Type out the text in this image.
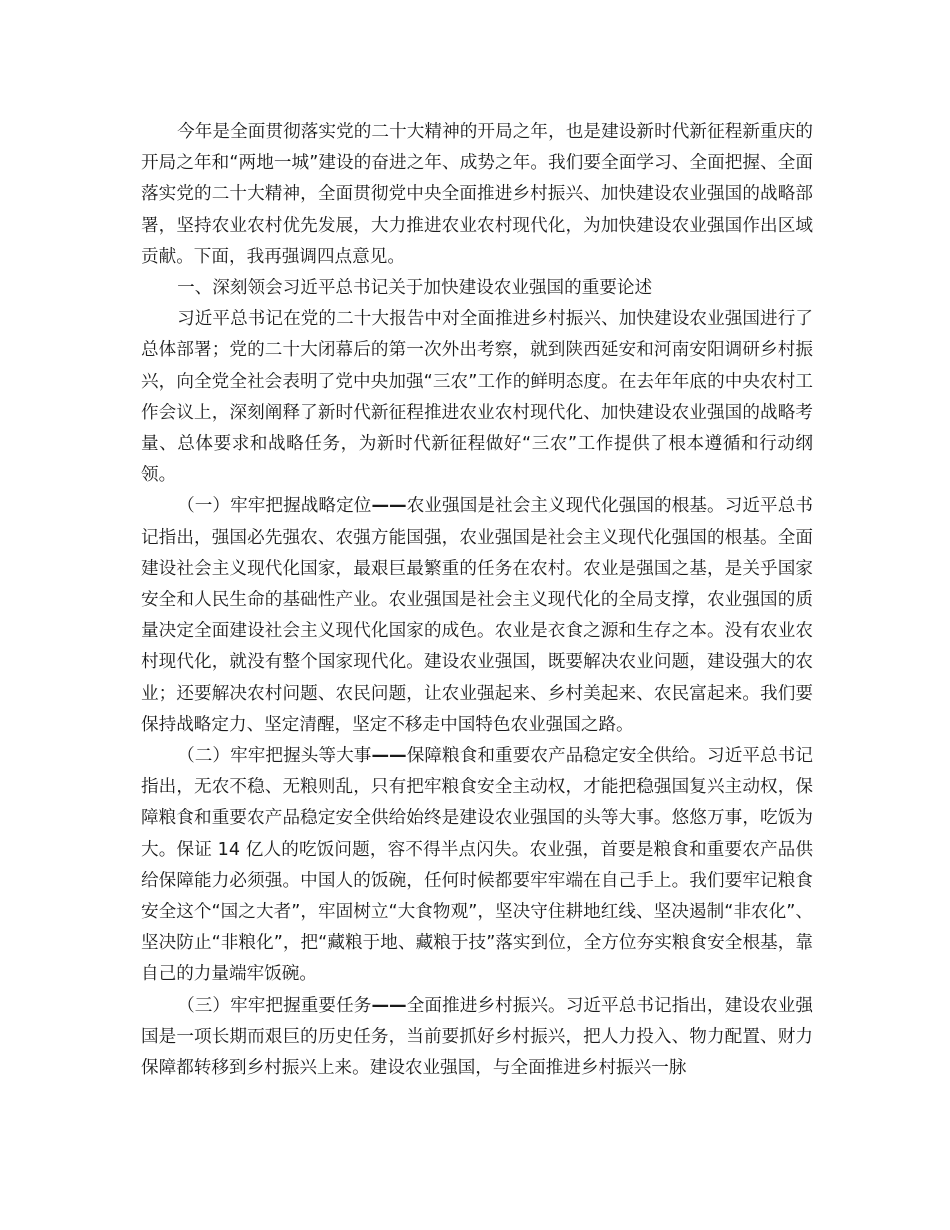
今年是全面贯彻落实党的二十大精神的开局之年，也是建设新时代新征程新重庆的开局之年和“两地一城”建设的奋进之年、成势之年。我们要全面学习、全面把握、全面落实党的二十大精神，全面贯彻党中央全面推进乡村振兴、加快建设农业强国的战略部署，坚持农业农村优先发展，大力推进农业农村现代化，为加快建设农业强国作出区域贡献。下面，我再强调四点意见。

一、深刻领会习近平总书记关于加快建设农业强国的重要论述

习近平总书记在党的二十大报告中对全面推进乡村振兴、加快建设农业强国进行了总体部署；党的二十大闭幕后的第一次外出考察，就到陕西延安和河南安阳调研乡村振兴，向全党全社会表明了党中央加强“三农”工作的鲜明态度。在去年年底的中央农村工作会议上，深刻阐释了新时代新征程推进农业农村现代化、加快建设农业强国的战略考量、总体要求和战略任务，为新时代新征程做好“三农”工作提供了根本遵循和行动纲领。

（一）牢牢把握战略定位——农业强国是社会主义现代化强国的根基。习近平总书记指出，强国必先强农、农强方能国强，农业强国是社会主义现代化强国的根基。全面建设社会主义现代化国家，最艰巨最繁重的任务在农村。农业是强国之基，是关乎国家安全和人民生命的基础性产业。农业强国是社会主义现代化的全局支撑，农业强国的质量决定全面建设社会主义现代化国家的成色。农业是衣食之源和生存之本。没有农业农村现代化，就没有整个国家现代化。建设农业强国，既要解决农业问题，建设强大的农业；还要解决农村问题、农民问题，让农业强起来、乡村美起来、农民富起来。我们要保持战略定力、坚定清醒，坚定不移走中国特色农业强国之路。

（二）牢牢把握头等大事——保障粮食和重要农产品稳定安全供给。习近平总书记指出，无农不稳、无粮则乱，只有把牢粮食安全主动权，才能把稳强国复兴主动权，保障粮食和重要农产品稳定安全供给始终是建设农业强国的头等大事。悠悠万事，吃饭为大。保证 14 亿人的吃饭问题，容不得半点闪失。农业强，首要是粮食和重要农产品供给保障能力必须强。中国人的饭碗，任何时候都要牢牢端在自己手上。我们要牢记粮食安全这个“国之大者”，牢固树立“大食物观”，坚决守住耕地红线、坚决遏制“非农化”、坚决防止“非粮化”，把“藏粮于地、藏粮于技”落实到位，全方位夯实粮食安全根基，靠自己的力量端牢饭碗。

（三）牢牢把握重要任务——全面推进乡村振兴。习近平总书记指出，建设农业强国是一项长期而艰巨的历史任务，当前要抓好乡村振兴，把人力投入、物力配置、财力保障都转移到乡村振兴上来。建设农业强国，与全面推进乡村振兴一脉
